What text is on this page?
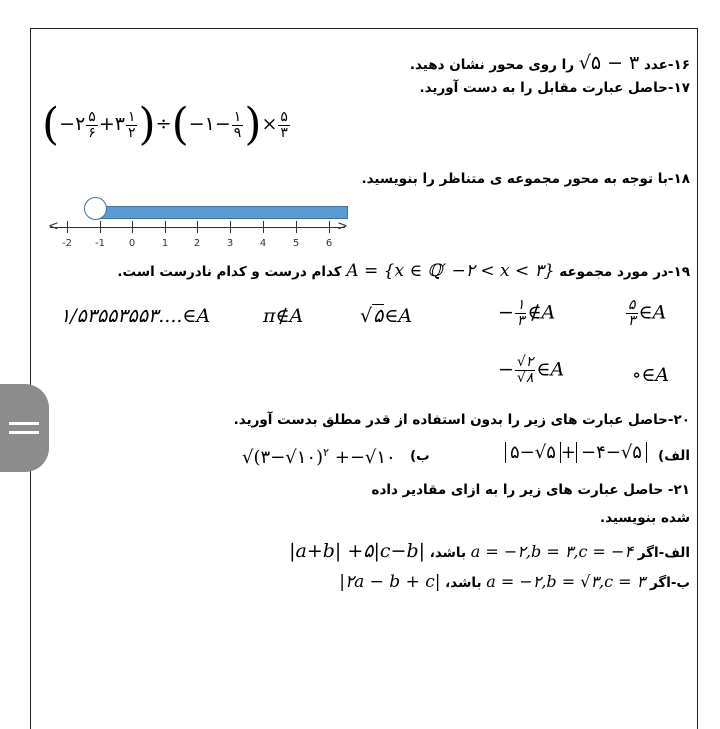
۱۶-عدد √۵ − ۳ را روی محور نشان دهید.
۱۷-حاصل عبارت مقابل را به دست آورید.
(−۲ $\frac{۵}{۶}$ +۳ $\frac{۱}{۲}$ )÷(−۱− $\frac{۱}{۹}$ )× $\frac{۵}{۳}$
۱۸-با توجه به محور مجموعه ی متناظر را بنویسید.
<	>
-2	-1	0	1	2	3	4	5	6
۱۹-در مورد مجموعه A = {x ∈ ℚ′ −۲ < x < ۳} کدام درست و کدام نادرست است.
۱/۵۳۵۵۳۵۵۳....∈A	π∉A	√۵∈A	− $\frac{۱}{۳}$ ∉A	$\frac{۵}{۳}$ ∈A
− $\frac{√۲}{√۸}$ ∈A	∘∈A
۲۰-حاصل عبارت های زیر را بدون استفاده از قدر مطلق بدست آورید.
الف)
۵−√۵ + −۴−√۵
ب)
√(۳−√۱۰)$^۲$ +−√۱۰
۲۱- حاصل عبارت های زیر را به ازای مقادیر داده
شده بنویسید.
الف-اگر a = −۲,b = ۳,c = −۴ باشد، |a+b| +۵|c−b|
ب-اگر a = −۲,b = √۳,c = ۳ باشد، |۲a − b + c|
